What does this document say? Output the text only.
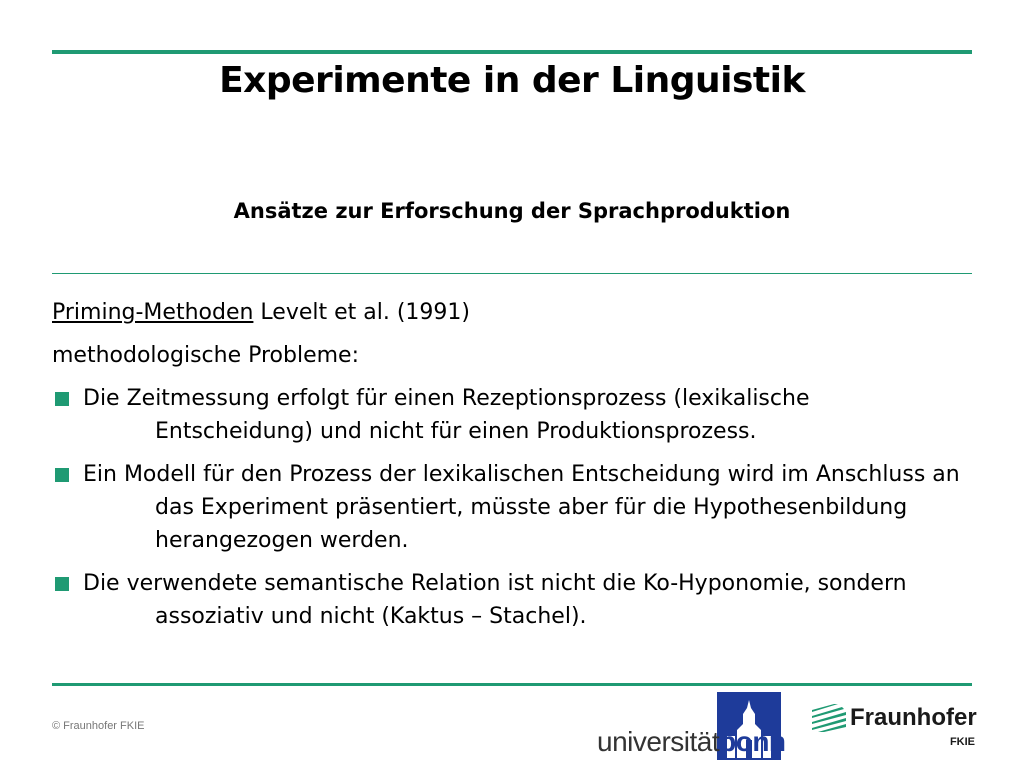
Experimente in der Linguistik
Ansätze zur Erforschung der Sprachproduktion
Priming-Methoden Levelt et al. (1991)
methodologische Probleme:
Die Zeitmessung erfolgt für einen Rezeptionsprozess (lexikalische Entscheidung) und nicht für einen Produktionsprozess.
Ein Modell für den Prozess der lexikalischen Entscheidung wird im Anschluss an das Experiment präsentiert, müsste aber für die Hypothesenbildung herangezogen werden.
Die verwendete semantische Relation ist nicht die Ko-Hyponomie, sondern assoziativ und nicht (Kaktus – Stachel).
© Fraunhofer FKIE	universitätbonn
Fraunhofer
FKIE
